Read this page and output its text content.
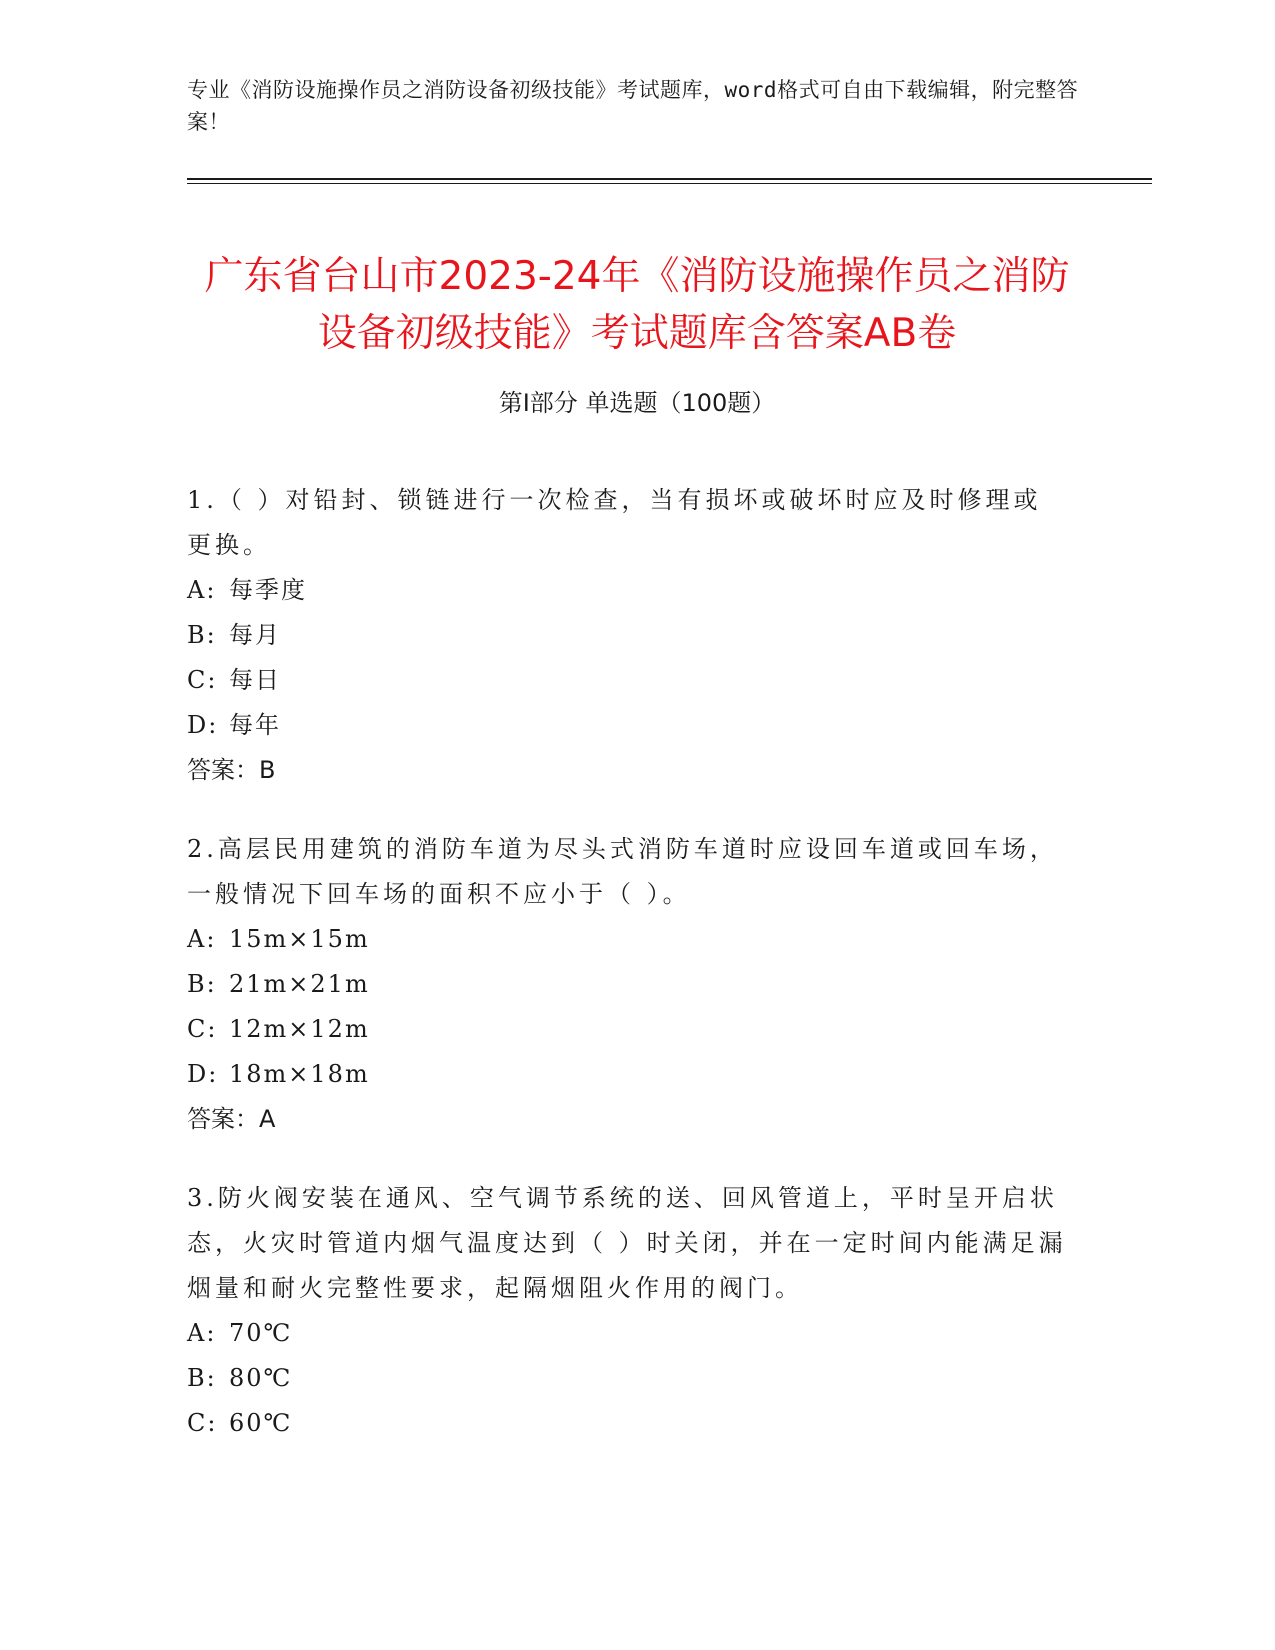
专业《消防设施操作员之消防设备初级技能》考试题库，word格式可自由下载编辑，附完整答案！
广东省台山市2023-24年《消防设施操作员之消防设备初级技能》考试题库含答案AB卷
第Ⅰ部分 单选题（100题）

1.（ ）对铅封、锁链进行一次检查，当有损坏或破坏时应及时修理或更换。

A: 每季度

B: 每月

C: 每日

D: 每年

答案：B

2.高层民用建筑的消防车道为尽头式消防车道时应设回车道或回车场，一般情况下回车场的面积不应小于（ ）。

A: 15m×15m

B: 21m×21m

C: 12m×12m

D: 18m×18m

答案：A

3.防火阀安装在通风、空气调节系统的送、回风管道上，平时呈开启状态，火灾时管道内烟气温度达到（ ）时关闭，并在一定时间内能满足漏烟量和耐火完整性要求，起隔烟阻火作用的阀门。

A: 70℃

B: 80℃

C: 60℃
